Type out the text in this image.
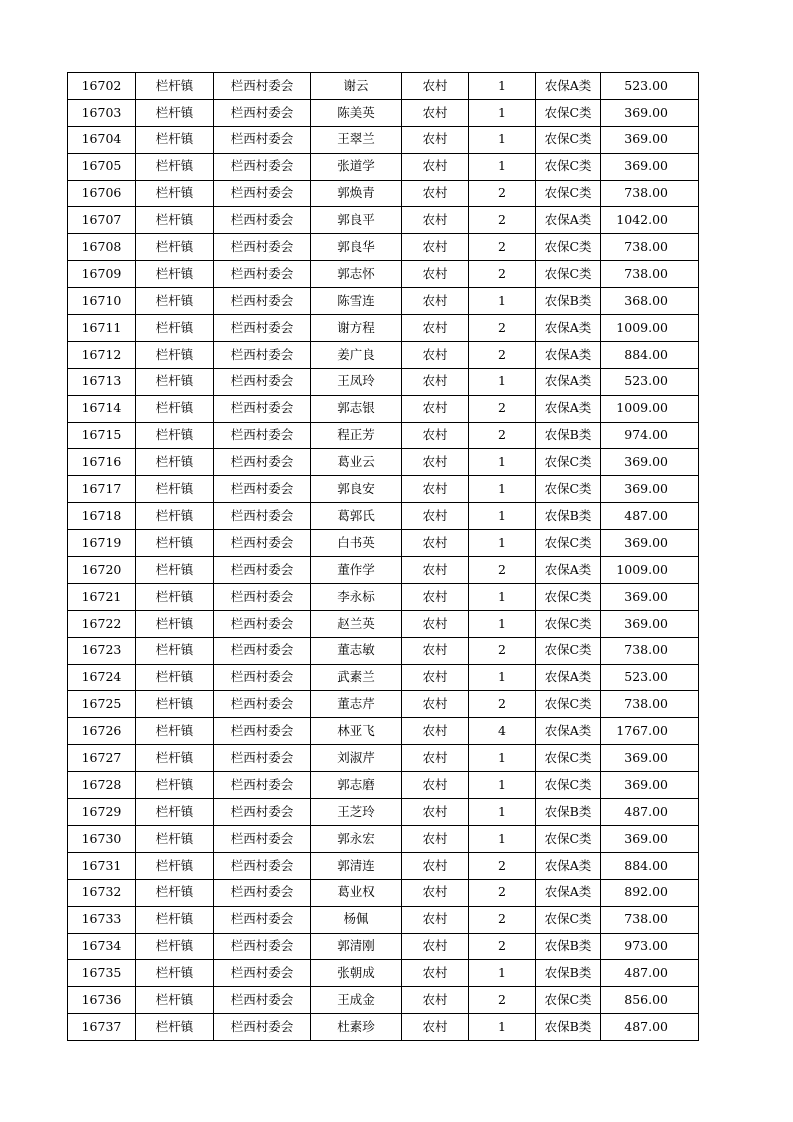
16702	栏杆镇	栏西村委会	谢云	农村	1	农保A类	523.00
16703	栏杆镇	栏西村委会	陈美英	农村	1	农保C类	369.00
16704	栏杆镇	栏西村委会	王翠兰	农村	1	农保C类	369.00
16705	栏杆镇	栏西村委会	张道学	农村	1	农保C类	369.00
16706	栏杆镇	栏西村委会	郭焕青	农村	2	农保C类	738.00
16707	栏杆镇	栏西村委会	郭良平	农村	2	农保A类	1042.00
16708	栏杆镇	栏西村委会	郭良华	农村	2	农保C类	738.00
16709	栏杆镇	栏西村委会	郭志怀	农村	2	农保C类	738.00
16710	栏杆镇	栏西村委会	陈雪连	农村	1	农保B类	368.00
16711	栏杆镇	栏西村委会	谢方程	农村	2	农保A类	1009.00
16712	栏杆镇	栏西村委会	姜广良	农村	2	农保A类	884.00
16713	栏杆镇	栏西村委会	王凤玲	农村	1	农保A类	523.00
16714	栏杆镇	栏西村委会	郭志银	农村	2	农保A类	1009.00
16715	栏杆镇	栏西村委会	程正芳	农村	2	农保B类	974.00
16716	栏杆镇	栏西村委会	葛业云	农村	1	农保C类	369.00
16717	栏杆镇	栏西村委会	郭良安	农村	1	农保C类	369.00
16718	栏杆镇	栏西村委会	葛郭氏	农村	1	农保B类	487.00
16719	栏杆镇	栏西村委会	白书英	农村	1	农保C类	369.00
16720	栏杆镇	栏西村委会	董作学	农村	2	农保A类	1009.00
16721	栏杆镇	栏西村委会	李永标	农村	1	农保C类	369.00
16722	栏杆镇	栏西村委会	赵兰英	农村	1	农保C类	369.00
16723	栏杆镇	栏西村委会	董志敏	农村	2	农保C类	738.00
16724	栏杆镇	栏西村委会	武素兰	农村	1	农保A类	523.00
16725	栏杆镇	栏西村委会	董志芹	农村	2	农保C类	738.00
16726	栏杆镇	栏西村委会	林亚飞	农村	4	农保A类	1767.00
16727	栏杆镇	栏西村委会	刘淑芹	农村	1	农保C类	369.00
16728	栏杆镇	栏西村委会	郭志磨	农村	1	农保C类	369.00
16729	栏杆镇	栏西村委会	王芝玲	农村	1	农保B类	487.00
16730	栏杆镇	栏西村委会	郭永宏	农村	1	农保C类	369.00
16731	栏杆镇	栏西村委会	郭清连	农村	2	农保A类	884.00
16732	栏杆镇	栏西村委会	葛业权	农村	2	农保A类	892.00
16733	栏杆镇	栏西村委会	杨佩	农村	2	农保C类	738.00
16734	栏杆镇	栏西村委会	郭清刚	农村	2	农保B类	973.00
16735	栏杆镇	栏西村委会	张朝成	农村	1	农保B类	487.00
16736	栏杆镇	栏西村委会	王成金	农村	2	农保C类	856.00
16737	栏杆镇	栏西村委会	杜素珍	农村	1	农保B类	487.00
